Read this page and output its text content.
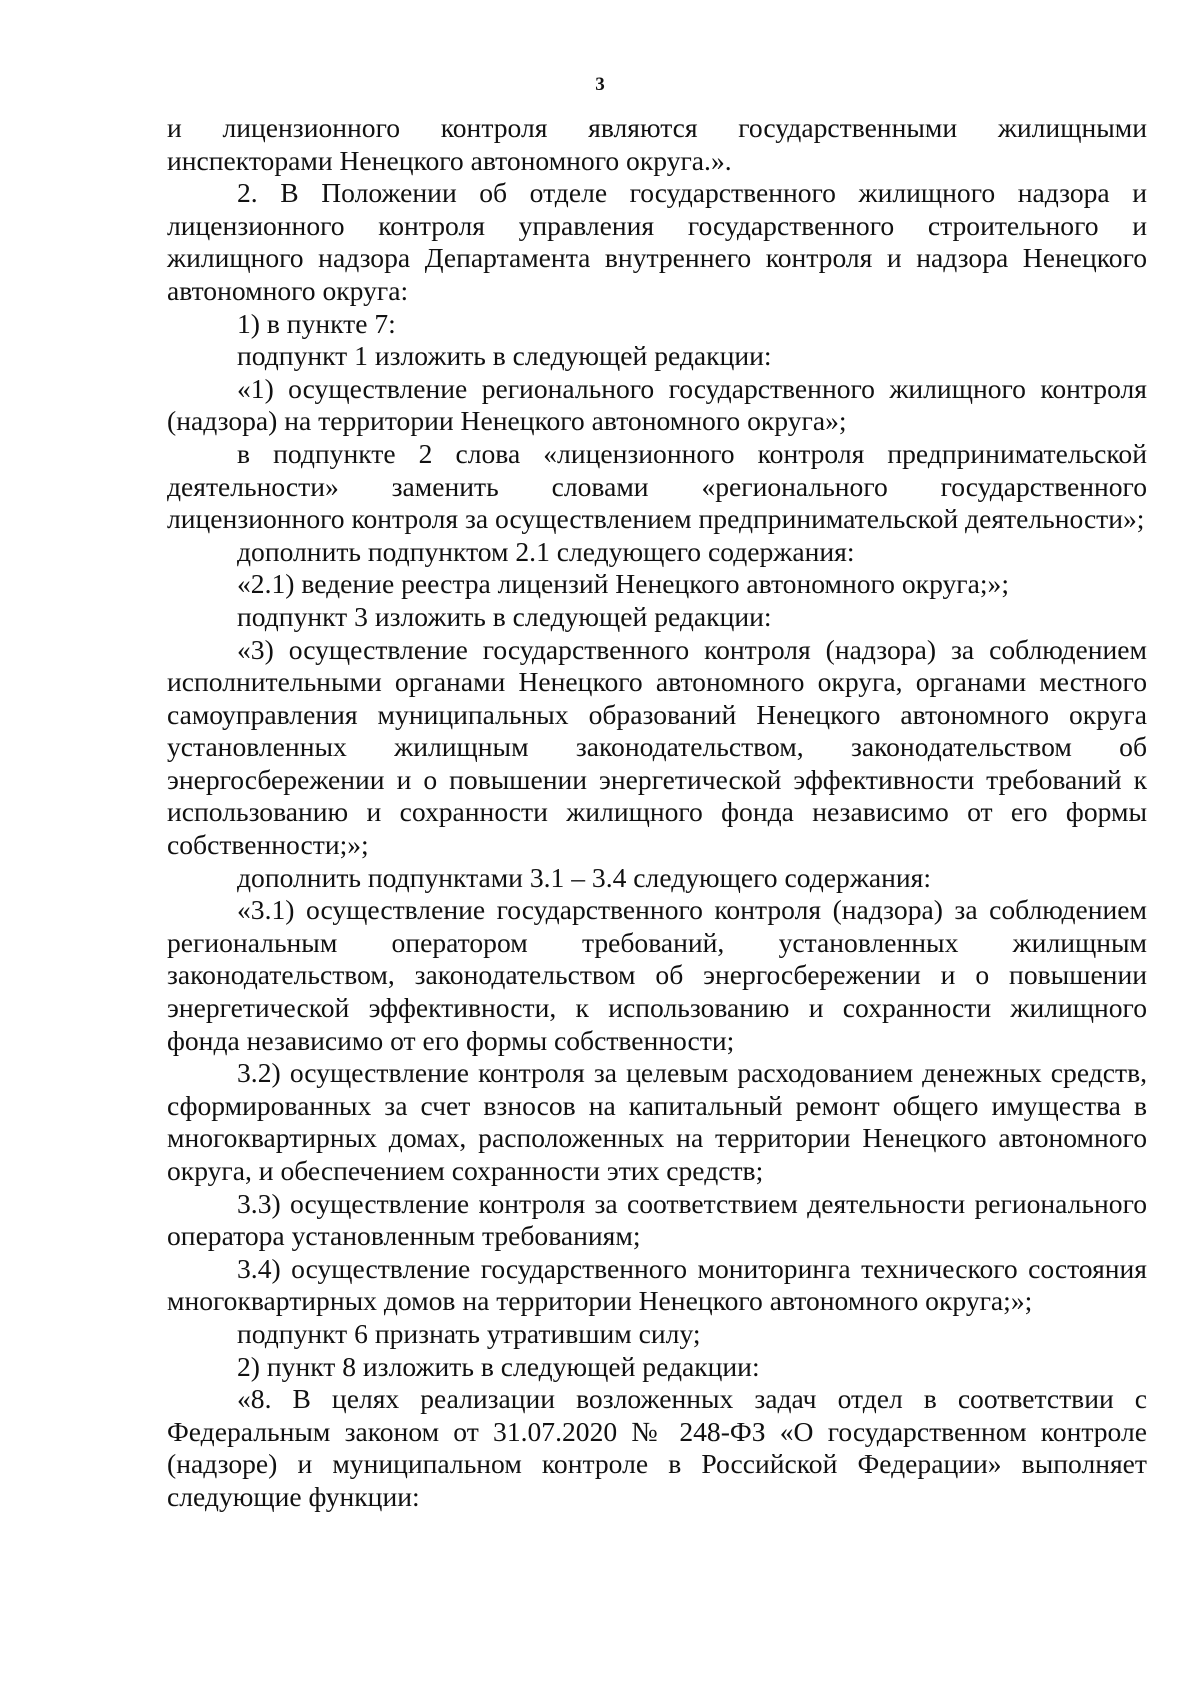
3

и лицензионного контроля являются государственными жилищными инспекторами Ненецкого автономного округа.».

2. В Положении об отделе государственного жилищного надзора и лицензионного контроля управления государственного строительного и жилищного надзора Департамента внутреннего контроля и надзора Ненецкого автономного округа:

1) в пункте 7:

подпункт 1 изложить в следующей редакции:

«1) осуществление регионального государственного жилищного контроля (надзора) на территории Ненецкого автономного округа»;

в подпункте 2 слова «лицензионного контроля предпринимательской деятельности» заменить словами «регионального государственного лицензионного контроля за осуществлением предпринимательской деятельности»;

дополнить подпунктом 2.1 следующего содержания:

«2.1) ведение реестра лицензий Ненецкого автономного округа;»;

подпункт 3 изложить в следующей редакции:

«3) осуществление государственного контроля (надзора) за соблюдением исполнительными органами Ненецкого автономного округа, органами местного самоуправления муниципальных образований Ненецкого автономного округа установленных жилищным законодательством, законодательством об энергосбережении и о повышении энергетической эффективности требований к использованию и сохранности жилищного фонда независимо от его формы собственности;»;

дополнить подпунктами 3.1 – 3.4 следующего содержания:

«3.1) осуществление государственного контроля (надзора) за соблюдением региональным оператором требований, установленных жилищным законодательством, законодательством об энергосбережении и о повышении энергетической эффективности, к использованию и сохранности жилищного фонда независимо от его формы собственности;

3.2) осуществление контроля за целевым расходованием денежных средств, сформированных за счет взносов на капитальный ремонт общего имущества в многоквартирных домах, расположенных на территории Ненецкого автономного округа, и обеспечением сохранности этих средств;

3.3) осуществление контроля за соответствием деятельности регионального оператора установленным требованиям;

3.4) осуществление государственного мониторинга технического состояния многоквартирных домов на территории Ненецкого автономного округа;»;

подпункт 6 признать утратившим силу;

2) пункт 8 изложить в следующей редакции:

«8. В целях реализации возложенных задач отдел в соответствии с Федеральным законом от 31.07.2020 № 248-ФЗ «О государственном контроле (надзоре) и муниципальном контроле в Российской Федерации» выполняет следующие функции:
